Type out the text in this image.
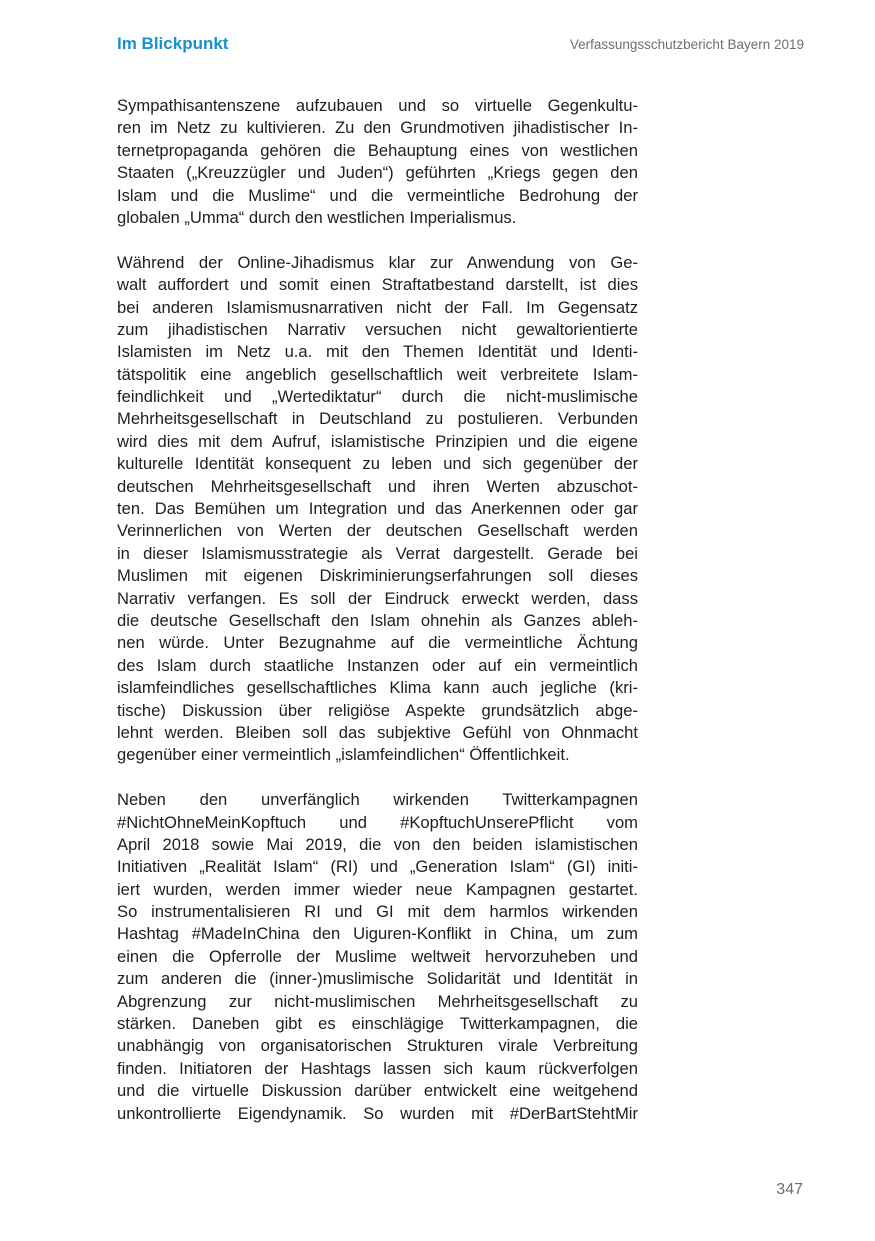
Im Blickpunkt	Verfassungsschutzbericht Bayern 2019
Sympathisantenszene aufzubauen und so virtuelle Gegenkultu-
ren im Netz zu kultivieren. Zu den Grundmotiven jihadistischer In-
ternetpropaganda gehören die Behauptung eines von westlichen
Staaten („Kreuzzügler und Juden“) geführten „Kriegs gegen den
Islam und die Muslime“ und die vermeintliche Bedrohung der
globalen „Umma“ durch den westlichen Imperialismus.
Während der Online-Jihadismus klar zur Anwendung von Ge-
walt auffordert und somit einen Straftatbestand darstellt, ist dies
bei anderen Islamismusnarrativen nicht der Fall. Im Gegensatz
zum jihadistischen Narrativ versuchen nicht gewaltorientierte
Islamisten im Netz u.a. mit den Themen Identität und Identi-
tätspolitik eine angeblich gesellschaftlich weit verbreitete Islam-
feindlichkeit und „Wertediktatur“ durch die nicht-muslimische
Mehrheitsgesellschaft in Deutschland zu postulieren. Verbunden
wird dies mit dem Aufruf, islamistische Prinzipien und die eigene
kulturelle Identität konsequent zu leben und sich gegenüber der
deutschen Mehrheitsgesellschaft und ihren Werten abzuschot-
ten. Das Bemühen um Integration und das Anerkennen oder gar
Verinnerlichen von Werten der deutschen Gesellschaft werden
in dieser Islamismusstrategie als Verrat dargestellt. Gerade bei
Muslimen mit eigenen Diskriminierungserfahrungen soll dieses
Narrativ verfangen. Es soll der Eindruck erweckt werden, dass
die deutsche Gesellschaft den Islam ohnehin als Ganzes ableh-
nen würde. Unter Bezugnahme auf die vermeintliche Ächtung
des Islam durch staatliche Instanzen oder auf ein vermeintlich
islamfeindliches gesellschaftliches Klima kann auch jegliche (kri-
tische) Diskussion über religiöse Aspekte grundsätzlich abge-
lehnt werden. Bleiben soll das subjektive Gefühl von Ohnmacht
gegenüber einer vermeintlich „islamfeindlichen“ Öffentlichkeit.
Neben den unverfänglich wirkenden Twitterkampagnen
#NichtOhneMeinKopftuch und #KopftuchUnserePflicht vom
April 2018 sowie Mai 2019, die von den beiden islamistischen
Initiativen „Realität Islam“ (RI) und „Generation Islam“ (GI) initi-
iert wurden, werden immer wieder neue Kampagnen gestartet.
So instrumentalisieren RI und GI mit dem harmlos wirkenden
Hashtag #MadeInChina den Uiguren-Konflikt in China, um zum
einen die Opferrolle der Muslime weltweit hervorzuheben und
zum anderen die (inner-)muslimische Solidarität und Identität in
Abgrenzung zur nicht-muslimischen Mehrheitsgesellschaft zu
stärken. Daneben gibt es einschlägige Twitterkampagnen, die
unabhängig von organisatorischen Strukturen virale Verbreitung
finden. Initiatoren der Hashtags lassen sich kaum rückverfolgen
und die virtuelle Diskussion darüber entwickelt eine weitgehend
unkontrollierte Eigendynamik. So wurden mit #DerBartStehtMir
347
